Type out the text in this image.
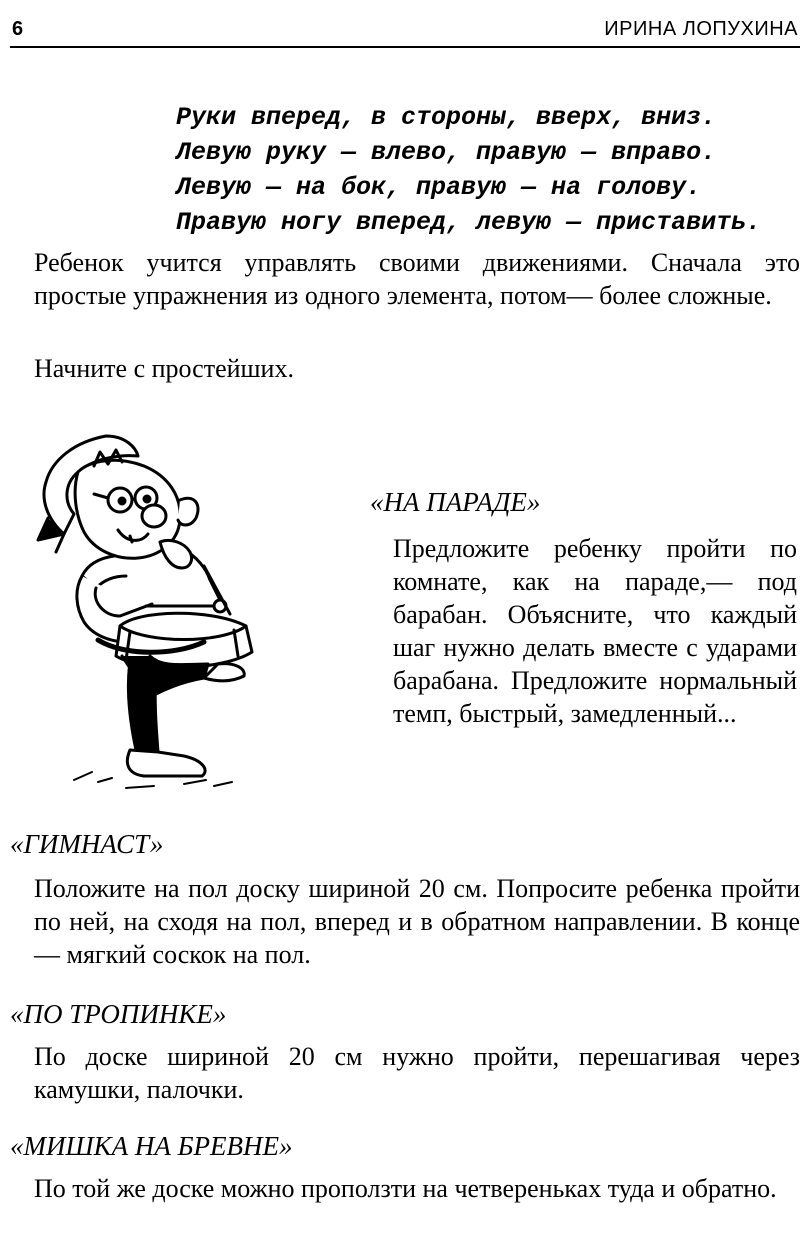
6	ИРИНА ЛОПУХИНА
Руки вперед, в стороны, вверх, вниз.
Левую руку — влево, правую — вправо.
Левую — на бок, правую — на голову.
Правую ногу вперед, левую — приставить.

Ребенок учится управлять своими движениями. Сначала это простые упражнения из одного элемента, потом— более сложные.

Начните с простейших.

«НА ПАРАДЕ»

Предложите ребенку пройти по комнате, как на параде,— под барабан. Объясните, что каждый шаг нужно делать вместе с ударами барабана. Предложите нормальный темп, быстрый, замедленный...

«ГИМНАСТ»

Положите на пол доску шириной 20 см. Попросите ребенка пройти по ней, на сходя на пол, вперед и в обратном направлении. В конце — мягкий соскок на пол.

«ПО ТРОПИНКЕ»

По доске шириной 20 см нужно пройти, перешагивая через камушки, палочки.

«МИШКА НА БРЕВНЕ»

По той же доске можно проползти на четвереньках туда и обратно.
